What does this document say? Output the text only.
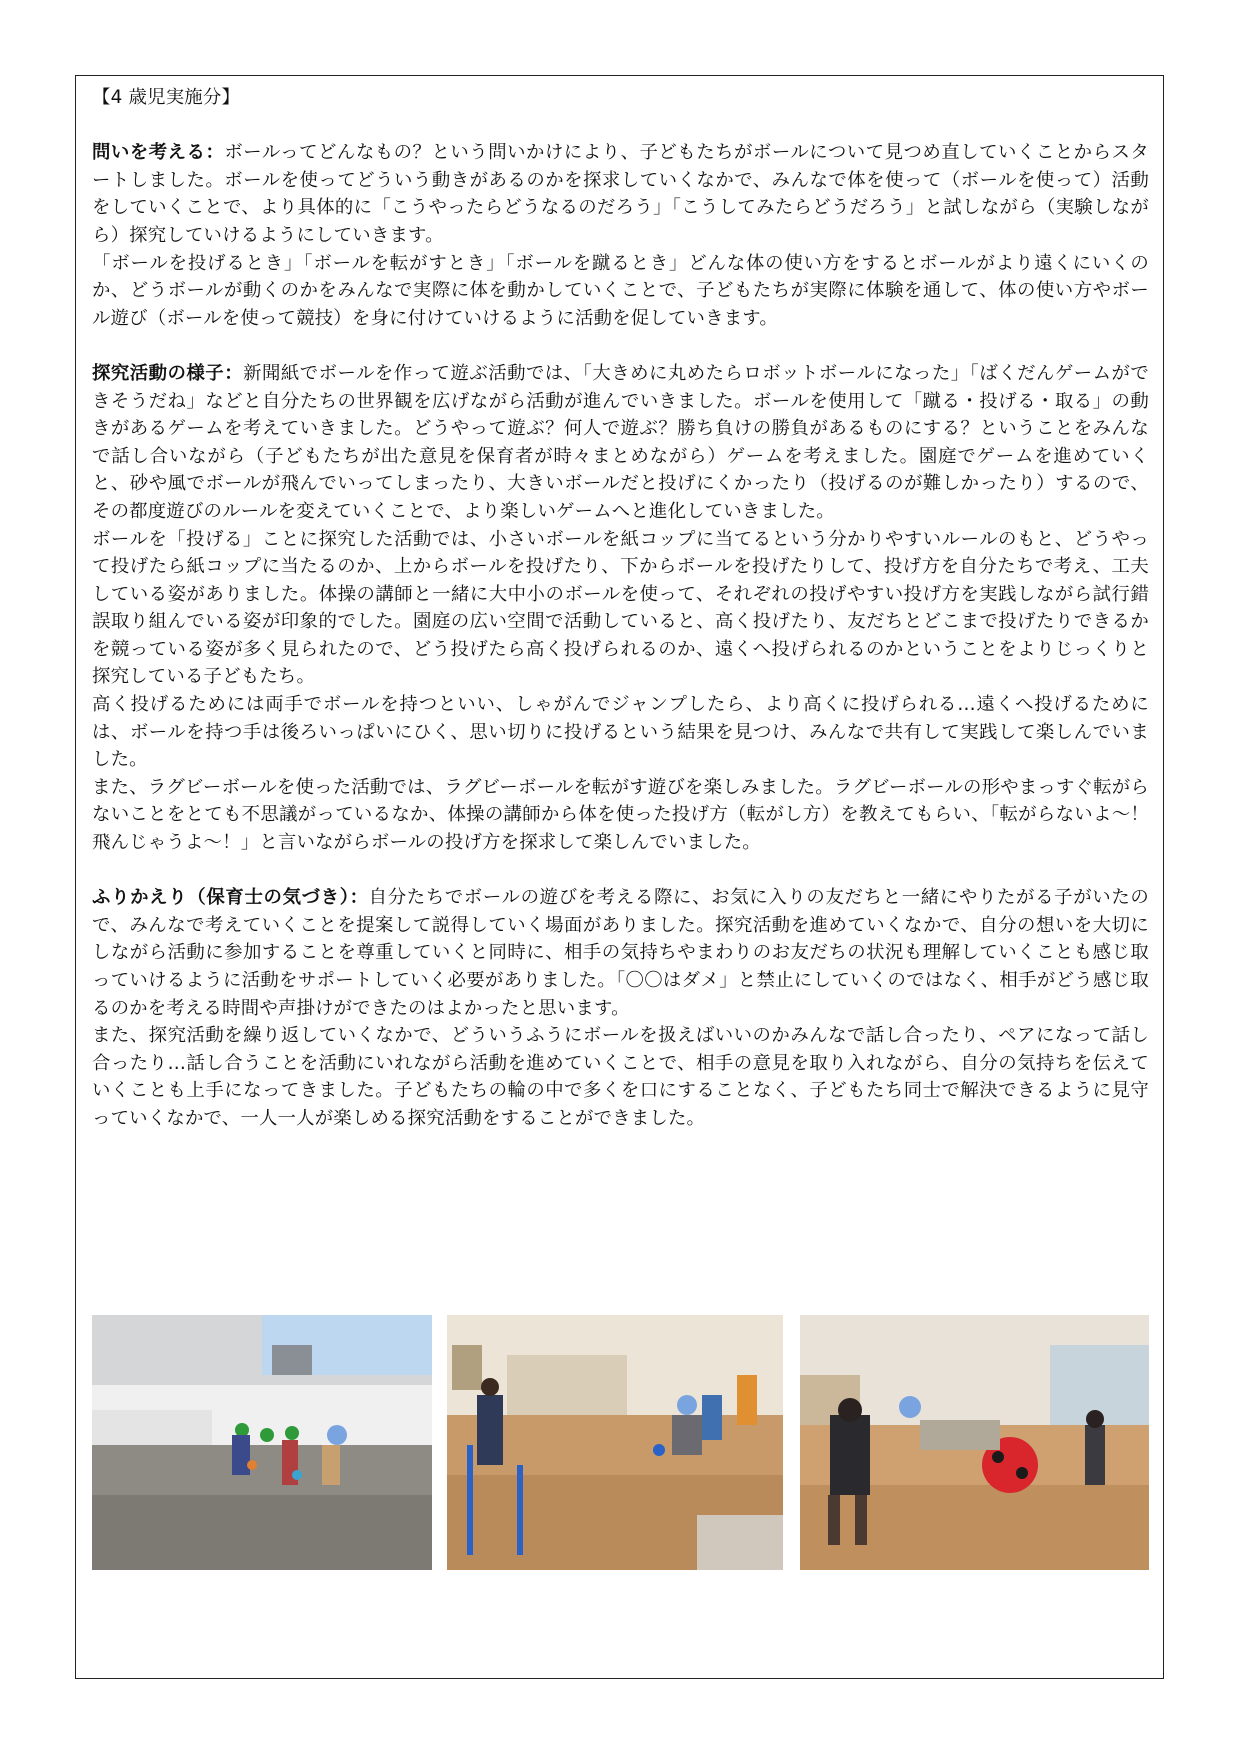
【4 歳児実施分】

問いを考える：ボールってどんなもの？という問いかけにより、子どもたちがボールについて見つめ直していくことからスタートしました。ボールを使ってどういう動きがあるのかを探求していくなかで、みんなで体を使って（ボールを使って）活動をしていくことで、より具体的に「こうやったらどうなるのだろう」「こうしてみたらどうだろう」と試しながら（実験しながら）探究していけるようにしていきます。

「ボールを投げるとき」「ボールを転がすとき」「ボールを蹴るとき」どんな体の使い方をするとボールがより遠くにいくのか、どうボールが動くのかをみんなで実際に体を動かしていくことで、子どもたちが実際に体験を通して、体の使い方やボール遊び（ボールを使って競技）を身に付けていけるように活動を促していきます。

探究活動の様子：新聞紙でボールを作って遊ぶ活動では、「大きめに丸めたらロボットボールになった」「ばくだんゲームができそうだね」などと自分たちの世界観を広げながら活動が進んでいきました。ボールを使用して「蹴る・投げる・取る」の動きがあるゲームを考えていきました。どうやって遊ぶ？何人で遊ぶ？勝ち負けの勝負があるものにする？ということをみんなで話し合いながら（子どもたちが出た意見を保育者が時々まとめながら）ゲームを考えました。園庭でゲームを進めていくと、砂や風でボールが飛んでいってしまったり、大きいボールだと投げにくかったり（投げるのが難しかったり）するので、その都度遊びのルールを変えていくことで、より楽しいゲームへと進化していきました。

ボールを「投げる」ことに探究した活動では、小さいボールを紙コップに当てるという分かりやすいルールのもと、どうやって投げたら紙コップに当たるのか、上からボールを投げたり、下からボールを投げたりして、投げ方を自分たちで考え、工夫している姿がありました。体操の講師と一緒に大中小のボールを使って、それぞれの投げやすい投げ方を実践しながら試行錯誤取り組んでいる姿が印象的でした。園庭の広い空間で活動していると、高く投げたり、友だちとどこまで投げたりできるかを競っている姿が多く見られたので、どう投げたら高く投げられるのか、遠くへ投げられるのかということをよりじっくりと探究している子どもたち。

高く投げるためには両手でボールを持つといい、しゃがんでジャンプしたら、より高くに投げられる…遠くへ投げるためには、ボールを持つ手は後ろいっぱいにひく、思い切りに投げるという結果を見つけ、みんなで共有して実践して楽しんでいました。

また、ラグビーボールを使った活動では、ラグビーボールを転がす遊びを楽しみました。ラグビーボールの形やまっすぐ転がらないことをとても不思議がっているなか、体操の講師から体を使った投げ方（転がし方）を教えてもらい、「転がらないよ～！飛んじゃうよ～！」と言いながらボールの投げ方を探求して楽しんでいました。

ふりかえり（保育士の気づき）：自分たちでボールの遊びを考える際に、お気に入りの友だちと一緒にやりたがる子がいたので、みんなで考えていくことを提案して説得していく場面がありました。探究活動を進めていくなかで、自分の想いを大切にしながら活動に参加することを尊重していくと同時に、相手の気持ちやまわりのお友だちの状況も理解していくことも感じ取っていけるように活動をサポートしていく必要がありました。「〇〇はダメ」と禁止にしていくのではなく、相手がどう感じ取るのかを考える時間や声掛けができたのはよかったと思います。

また、探究活動を繰り返していくなかで、どういうふうにボールを扱えばいいのかみんなで話し合ったり、ペアになって話し合ったり…話し合うことを活動にいれながら活動を進めていくことで、相手の意見を取り入れながら、自分の気持ちを伝えていくことも上手になってきました。子どもたちの輪の中で多くを口にすることなく、子どもたち同士で解決できるように見守っていくなかで、一人一人が楽しめる探究活動をすることができました。
